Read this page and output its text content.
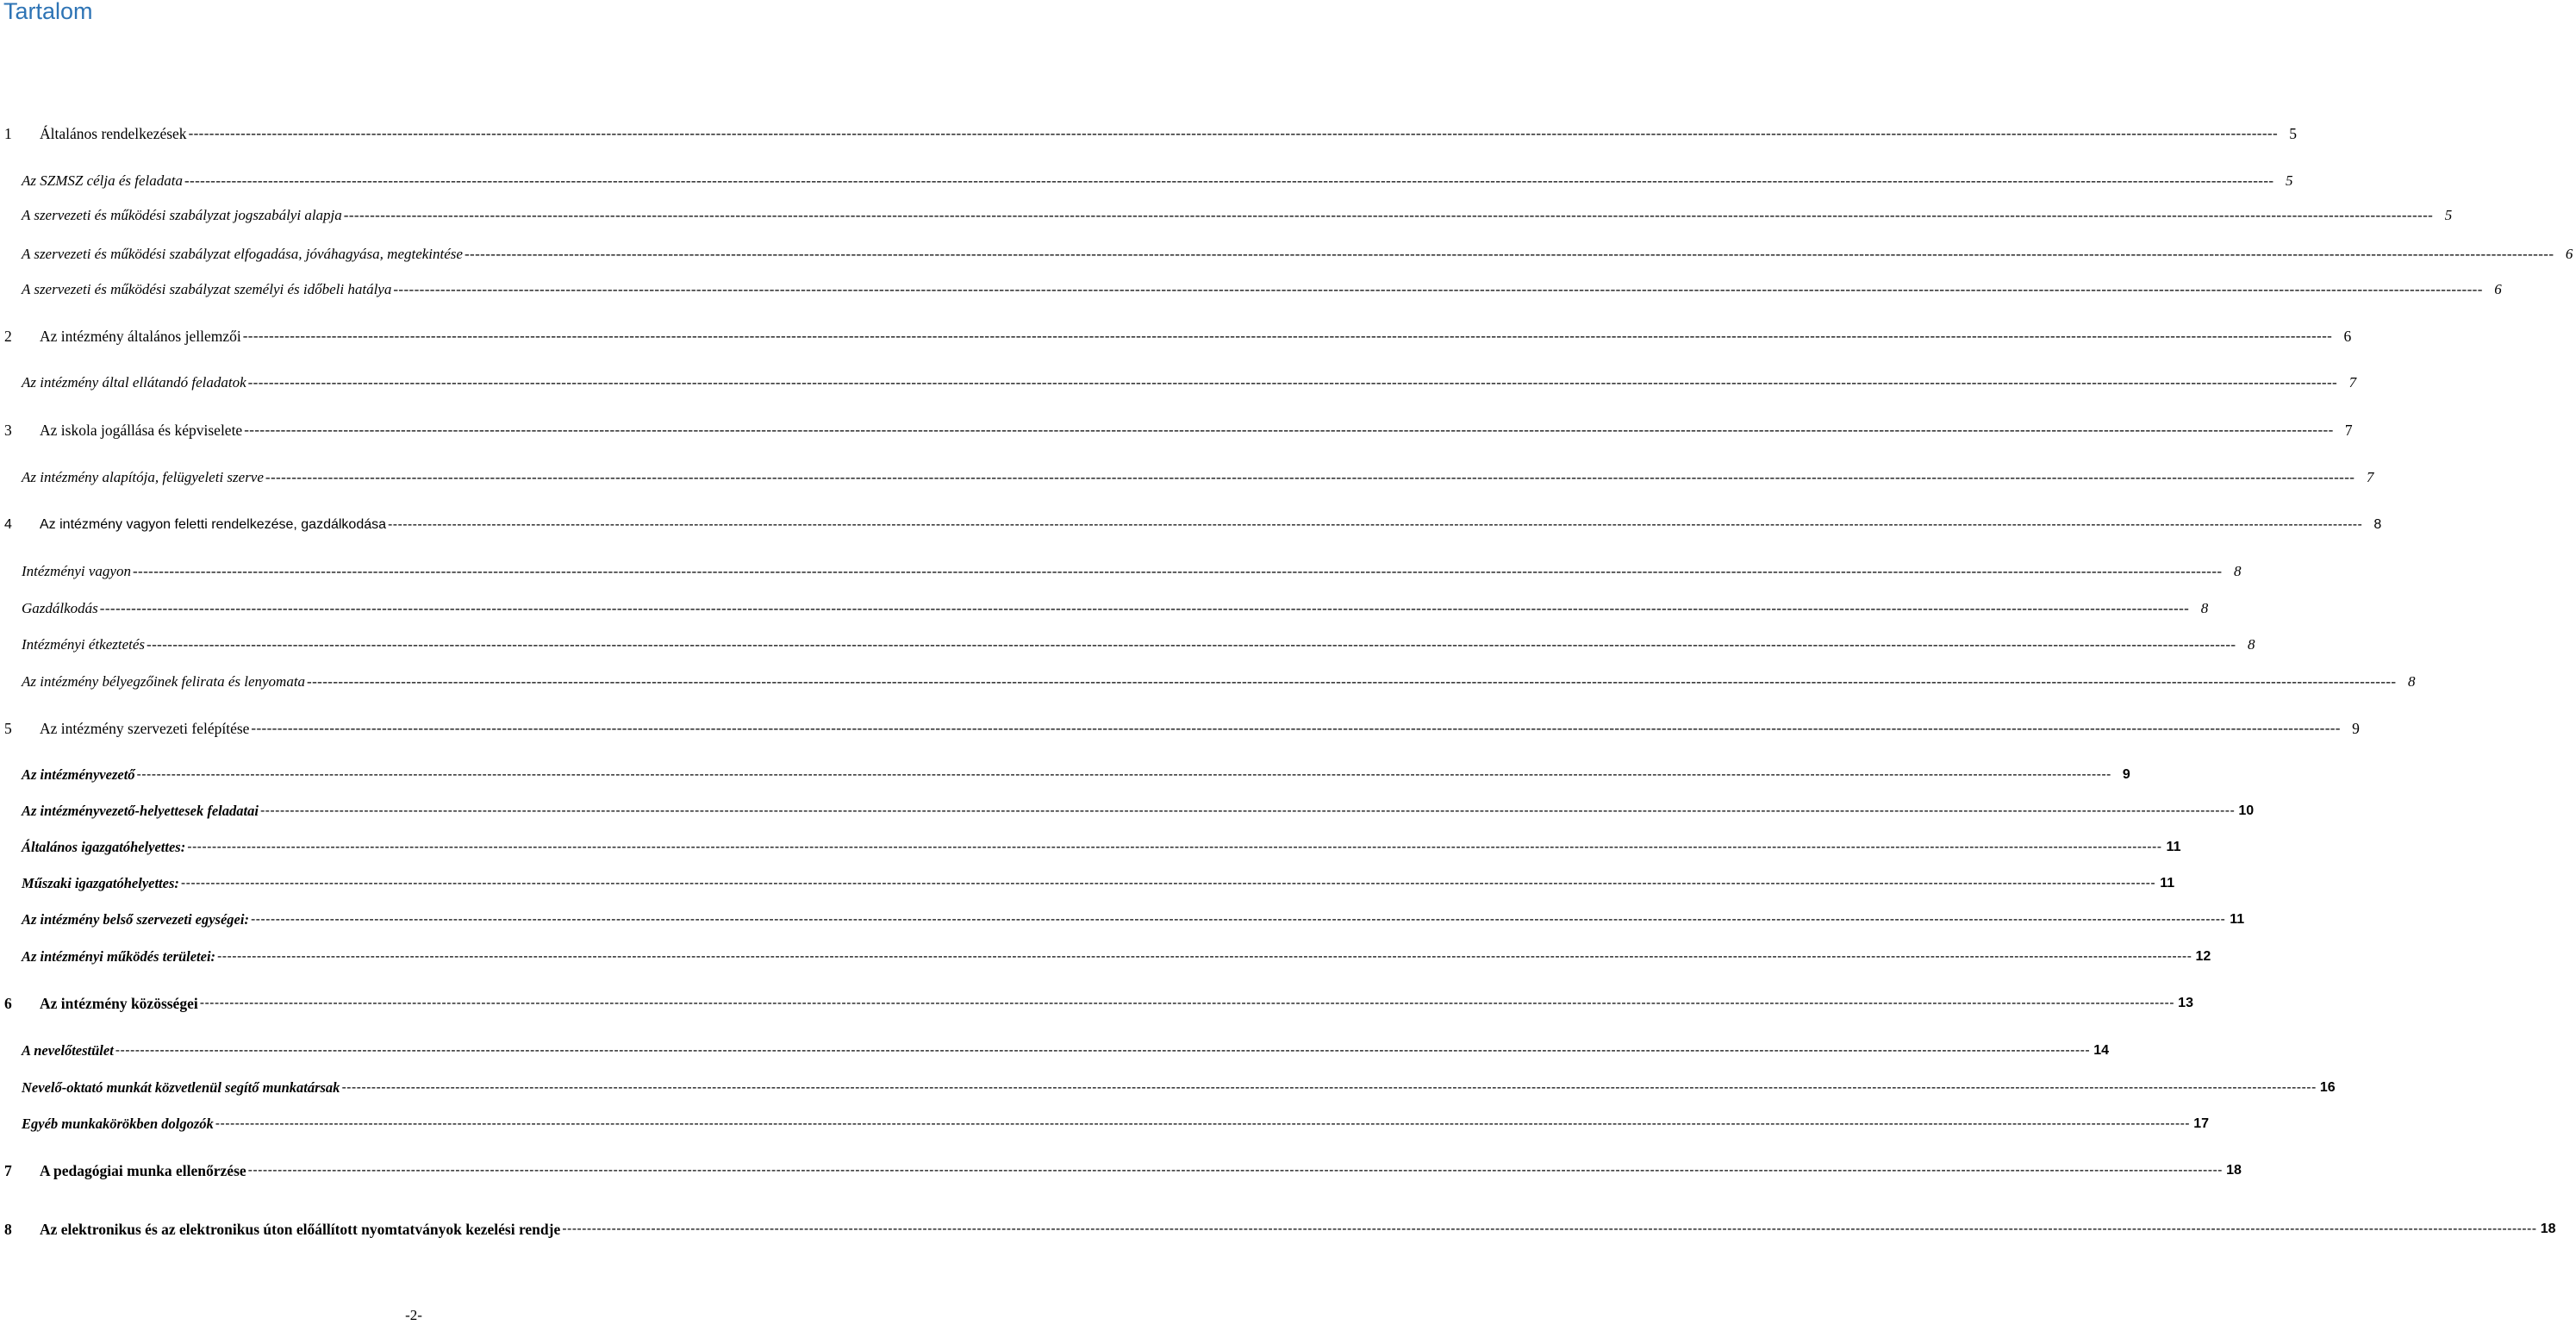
Tartalom
1	Általános rendelkezések ---------------------------------------------------------------------------------------------------------------------------------------------------------------------------------------------------------------------------------------------------------------------------------------------------------------------------------------------------------------------------------------------------------------- 5
Az SZMSZ célja és feladata ---------------------------------------------------------------------------------------------------------------------------------------------------------------------------------------------------------------------------------------------------------------------------------------------------------------------------------------------------------------------------------------------------------------- 5
A szervezeti és működési szabályzat jogszabályi alapja ---------------------------------------------------------------------------------------------------------------------------------------------------------------------------------------------------------------------------------------------------------------------------------------------------------------------------------------------------------------------------------------------------------------- 5
A szervezeti és működési szabályzat elfogadása, jóváhagyása, megtekintése ---------------------------------------------------------------------------------------------------------------------------------------------------------------------------------------------------------------------------------------------------------------------------------------------------------------------------------------------------------------------------------------------------------------- 6
A szervezeti és működési szabályzat személyi és időbeli hatálya ---------------------------------------------------------------------------------------------------------------------------------------------------------------------------------------------------------------------------------------------------------------------------------------------------------------------------------------------------------------------------------------------------------------- 6
2	Az intézmény általános jellemzői ---------------------------------------------------------------------------------------------------------------------------------------------------------------------------------------------------------------------------------------------------------------------------------------------------------------------------------------------------------------------------------------------------------------- 6
Az intézmény által ellátandó feladatok ---------------------------------------------------------------------------------------------------------------------------------------------------------------------------------------------------------------------------------------------------------------------------------------------------------------------------------------------------------------------------------------------------------------- 7
3	Az iskola jogállása és képviselete ---------------------------------------------------------------------------------------------------------------------------------------------------------------------------------------------------------------------------------------------------------------------------------------------------------------------------------------------------------------------------------------------------------------- 7
Az intézmény alapítója, felügyeleti szerve ---------------------------------------------------------------------------------------------------------------------------------------------------------------------------------------------------------------------------------------------------------------------------------------------------------------------------------------------------------------------------------------------------------------- 7
4	Az intézmény vagyon feletti rendelkezése, gazdálkodása ---------------------------------------------------------------------------------------------------------------------------------------------------------------------------------------------------------------------------------------------------------------------------------------------------------------------------------------------------------------------------------------------------------------- 8
Intézményi vagyon ---------------------------------------------------------------------------------------------------------------------------------------------------------------------------------------------------------------------------------------------------------------------------------------------------------------------------------------------------------------------------------------------------------------- 8
Gazdálkodás ---------------------------------------------------------------------------------------------------------------------------------------------------------------------------------------------------------------------------------------------------------------------------------------------------------------------------------------------------------------------------------------------------------------- 8
Intézményi étkeztetés ---------------------------------------------------------------------------------------------------------------------------------------------------------------------------------------------------------------------------------------------------------------------------------------------------------------------------------------------------------------------------------------------------------------- 8
Az intézmény bélyegzőinek felirata és lenyomata ---------------------------------------------------------------------------------------------------------------------------------------------------------------------------------------------------------------------------------------------------------------------------------------------------------------------------------------------------------------------------------------------------------------- 8
5	Az intézmény szervezeti felépítése ---------------------------------------------------------------------------------------------------------------------------------------------------------------------------------------------------------------------------------------------------------------------------------------------------------------------------------------------------------------------------------------------------------------- 9
Az intézményvezető ---------------------------------------------------------------------------------------------------------------------------------------------------------------------------------------------------------------------------------------------------------------------------------------------------------------------------------------------------------------------------------------------------------------- 9
Az intézményvezető-helyettesek feladatai ---------------------------------------------------------------------------------------------------------------------------------------------------------------------------------------------------------------------------------------------------------------------------------------------------------------------------------------------------------------------------------------------------------------- 10
Általános igazgatóhelyettes: ---------------------------------------------------------------------------------------------------------------------------------------------------------------------------------------------------------------------------------------------------------------------------------------------------------------------------------------------------------------------------------------------------------------- 11
Műszaki igazgatóhelyettes: ---------------------------------------------------------------------------------------------------------------------------------------------------------------------------------------------------------------------------------------------------------------------------------------------------------------------------------------------------------------------------------------------------------------- 11
Az intézmény belső szervezeti egységei: ---------------------------------------------------------------------------------------------------------------------------------------------------------------------------------------------------------------------------------------------------------------------------------------------------------------------------------------------------------------------------------------------------------------- 11
Az intézményi működés területei: ---------------------------------------------------------------------------------------------------------------------------------------------------------------------------------------------------------------------------------------------------------------------------------------------------------------------------------------------------------------------------------------------------------------- 12
6	Az intézmény közösségei ---------------------------------------------------------------------------------------------------------------------------------------------------------------------------------------------------------------------------------------------------------------------------------------------------------------------------------------------------------------------------------------------------------------- 13
A nevelőtestület ---------------------------------------------------------------------------------------------------------------------------------------------------------------------------------------------------------------------------------------------------------------------------------------------------------------------------------------------------------------------------------------------------------------- 14
Nevelő-oktató munkát közvetlenül segítő munkatársak ---------------------------------------------------------------------------------------------------------------------------------------------------------------------------------------------------------------------------------------------------------------------------------------------------------------------------------------------------------------------------------------------------------------- 16
Egyéb munkakörökben dolgozók ---------------------------------------------------------------------------------------------------------------------------------------------------------------------------------------------------------------------------------------------------------------------------------------------------------------------------------------------------------------------------------------------------------------- 17
7	A pedagógiai munka ellenőrzése ---------------------------------------------------------------------------------------------------------------------------------------------------------------------------------------------------------------------------------------------------------------------------------------------------------------------------------------------------------------------------------------------------------------- 18
8	Az elektronikus és az elektronikus úton előállított nyomtatványok kezelési rendje ---------------------------------------------------------------------------------------------------------------------------------------------------------------------------------------------------------------------------------------------------------------------------------------------------------------------------------------------------------------------------------------------------------------- 18
-2-
